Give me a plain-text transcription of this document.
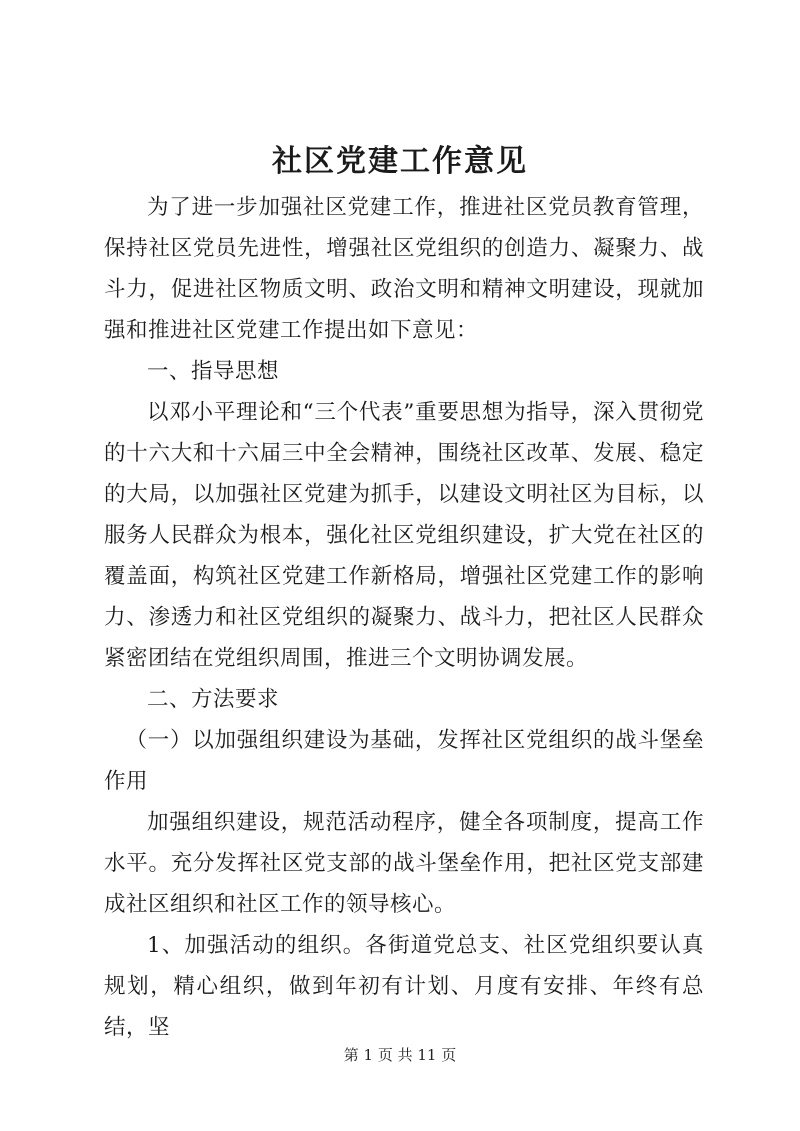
社区党建工作意见

为了进一步加强社区党建工作，推进社区党员教育管理，保持社区党员先进性，增强社区党组织的创造力、凝聚力、战斗力，促进社区物质文明、政治文明和精神文明建设，现就加强和推进社区党建工作提出如下意见：

一、指导思想

以邓小平理论和“三个代表”重要思想为指导，深入贯彻党的十六大和十六届三中全会精神，围绕社区改革、发展、稳定的大局，以加强社区党建为抓手，以建设文明社区为目标，以服务人民群众为根本，强化社区党组织建设，扩大党在社区的覆盖面，构筑社区党建工作新格局，增强社区党建工作的影响力、渗透力和社区党组织的凝聚力、战斗力，把社区人民群众紧密团结在党组织周围，推进三个文明协调发展。

二、方法要求

（一）以加强组织建设为基础，发挥社区党组织的战斗堡垒作用

加强组织建设，规范活动程序，健全各项制度，提高工作水平。充分发挥社区党支部的战斗堡垒作用，把社区党支部建成社区组织和社区工作的领导核心。

1、加强活动的组织。各街道党总支、社区党组织要认真规划，精心组织，做到年初有计划、月度有安排、年终有总结，坚

第 1 页 共 11 页
